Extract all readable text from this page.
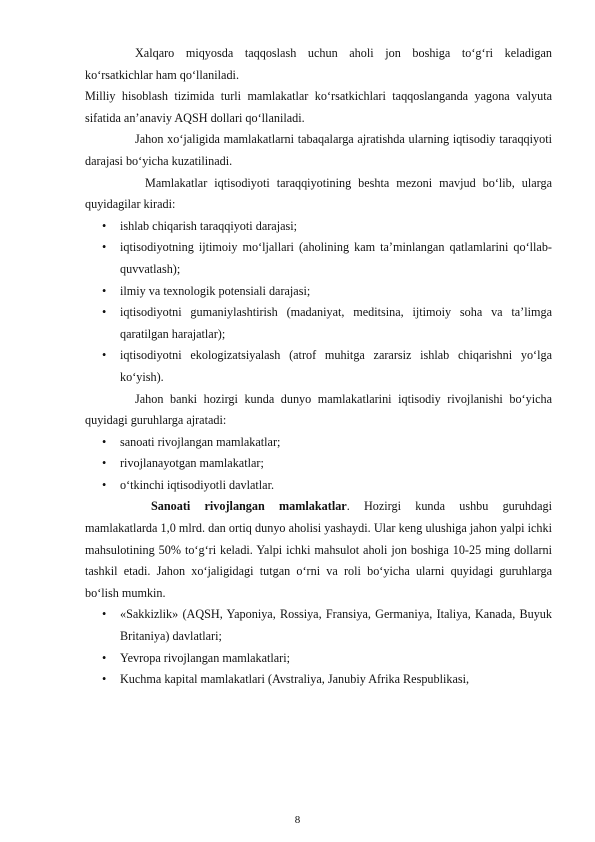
Xalqaro miqyosda taqqoslash uchun aholi jon boshiga to‘g‘ri keladigan ko‘rsatkichlar ham qo‘llaniladi.

Milliy hisoblash tizimida turli mamlakatlar ko‘rsatkichlari taqqoslanganda yagona valyuta sifatida an’anaviy AQSH dollari qo‘llaniladi.

Jahon xo‘jaligida mamlakatlarni tabaqalarga ajratishda ularning iqtisodiy taraqqiyoti darajasi bo‘yicha kuzatilinadi.

Mamlakatlar iqtisodiyoti taraqqiyotining beshta mezoni mavjud bo‘lib, ularga quyidagilar kiradi:

• ishlab chiqarish taraqqiyoti darajasi;
• iqtisodiyotning ijtimoiy mo‘ljallari (aholining kam ta’minlangan qatlamlarini qo‘llab-quvvatlash);
• ilmiy va texnologik potensiali darajasi;
• iqtisodiyotni gumaniylashtirish (madaniyat, meditsina, ijtimoiy soha va ta’limga qaratilgan harajatlar);
• iqtisodiyotni ekologizatsiyalash (atrof muhitga zararsiz ishlab chiqarishni yo‘lga ko‘yish).

Jahon banki hozirgi kunda dunyo mamlakatlarini iqtisodiy rivojlanishi bo‘yicha quyidagi guruhlarga ajratadi:

• sanoati rivojlangan mamlakatlar;
• rivojlanayotgan mamlakatlar;
• o‘tkinchi iqtisodiyotli davlatlar.

Sanoati rivojlangan mamlakatlar. Hozirgi kunda ushbu guruhdagi mamlakatlarda 1,0 mlrd. dan ortiq dunyo aholisi yashaydi. Ular keng ulushiga jahon yalpi ichki mahsulotining 50% to‘g‘ri keladi. Yalpi ichki mahsulot aholi jon boshiga 10-25 ming dollarni tashkil etadi. Jahon xo‘jaligidagi tutgan o‘rni va roli bo‘yicha ularni quyidagi guruhlarga bo‘lish mumkin.

• «Sakkizlik» (AQSH, Yaponiya, Rossiya, Fransiya, Germaniya, Italiya, Kanada, Buyuk Britaniya) davlatlari;
• Yevropa rivojlangan mamlakatlari;
• Kuchma kapital mamlakatlari (Avstraliya, Janubiy Afrika Respublikasi,
8
